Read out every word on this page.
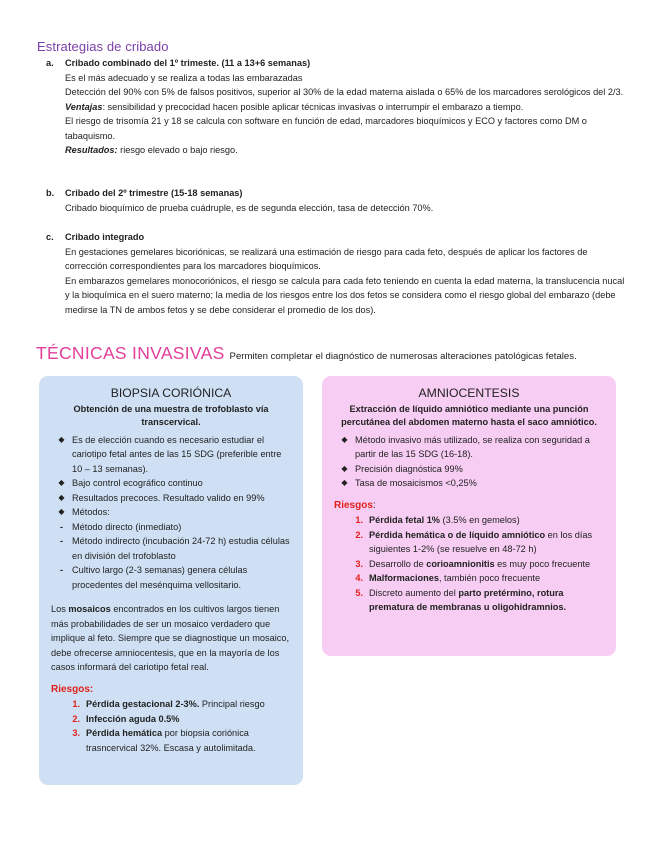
Estrategias de cribado
a.	Cribado combinado del 1º trimeste. (11 a 13+6 semanas)

Es el más adecuado y se realiza a todas las embarazadas

Detección del 90% con 5% de falsos positivos, superior al 30% de la edad materna aislada o 65% de los marcadores serológicos del 2/3.

Ventajas: sensibilidad y precocidad hacen posible aplicar técnicas invasivas o interrumpir el embarazo a tiempo.

El riesgo de trisomía 21 y 18 se calcula con software en función de edad, marcadores bioquímicos y ECO y factores como DM o tabaquismo.

Resultados: riesgo elevado o bajo riesgo.

b.	Cribado del 2º trimestre (15-18 semanas)

Cribado bioquímico de prueba cuádruple, es de segunda elección, tasa de detección 70%.

c.	Cribado integrado

En gestaciones gemelares bicoriónicas, se realizará una estimación de riesgo para cada feto, después de aplicar los factores de corrección correspondientes para los marcadores bioquímicos.

En embarazos gemelares monocoriónicos, el riesgo se calcula para cada feto teniendo en cuenta la edad materna, la translucencia nucal y la bioquímica en el suero materno; la media de los riesgos entre los dos fetos se considera como el riesgo global del embarazo (debe medirse la TN de ambos fetos y se debe considerar el promedio de los dos).

TÉCNICAS INVASIVAS Permiten completar el diagnóstico de numerosas alteraciones patológicas fetales.
BIOPSIA CORIÓNICA
Obtención de una muestra de trofoblasto vía transcervical.
◆ Es de elección cuando es necesario estudiar el cariotipo fetal antes de las 15 SDG (preferible entre 10 – 13 semanas).
◆ Bajo control ecográfico continuo
◆ Resultados precoces. Resultado valido en 99%
◆ Métodos:
- Método directo (inmediato)
- Método indirecto (incubación 24-72 h) estudia células en división del trofoblasto
- Cultivo largo (2-3 semanas) genera células procedentes del mesénquima vellositario.

Los mosaicos encontrados en los cultivos largos tienen más probabilidades de ser un mosaico verdadero que implique al feto. Siempre que se diagnostique un mosaico, debe ofrecerse amniocentesis, que en la mayoría de los casos informará del cariotipo fetal real.

Riesgos:
1. Pérdida gestacional 2-3%. Principal riesgo
2. Infección aguda 0.5%
3. Pérdida hemática por biopsia coriónica trasncervical 32%. Escasa y autolimitada.
AMNIOCENTESIS
Extracción de líquido amniótico mediante una punción percutánea del abdomen materno hasta el saco amniótico.
◆ Método invasivo más utilizado, se realiza con seguridad a partir de las 15 SDG (16-18).
◆ Precisión diagnóstica 99%
◆ Tasa de mosaicismos <0,25%
Riesgos:
1. Pérdida fetal 1% (3.5% en gemelos)
2. Pérdida hemática o de líquido amniótico en los días siguientes 1-2% (se resuelve en 48-72 h)
3. Desarrollo de corioamnionitis es muy poco frecuente
4. Malformaciones, también poco frecuente
5. Discreto aumento del parto pretérmino, rotura prematura de membranas u oligohidramnios.
